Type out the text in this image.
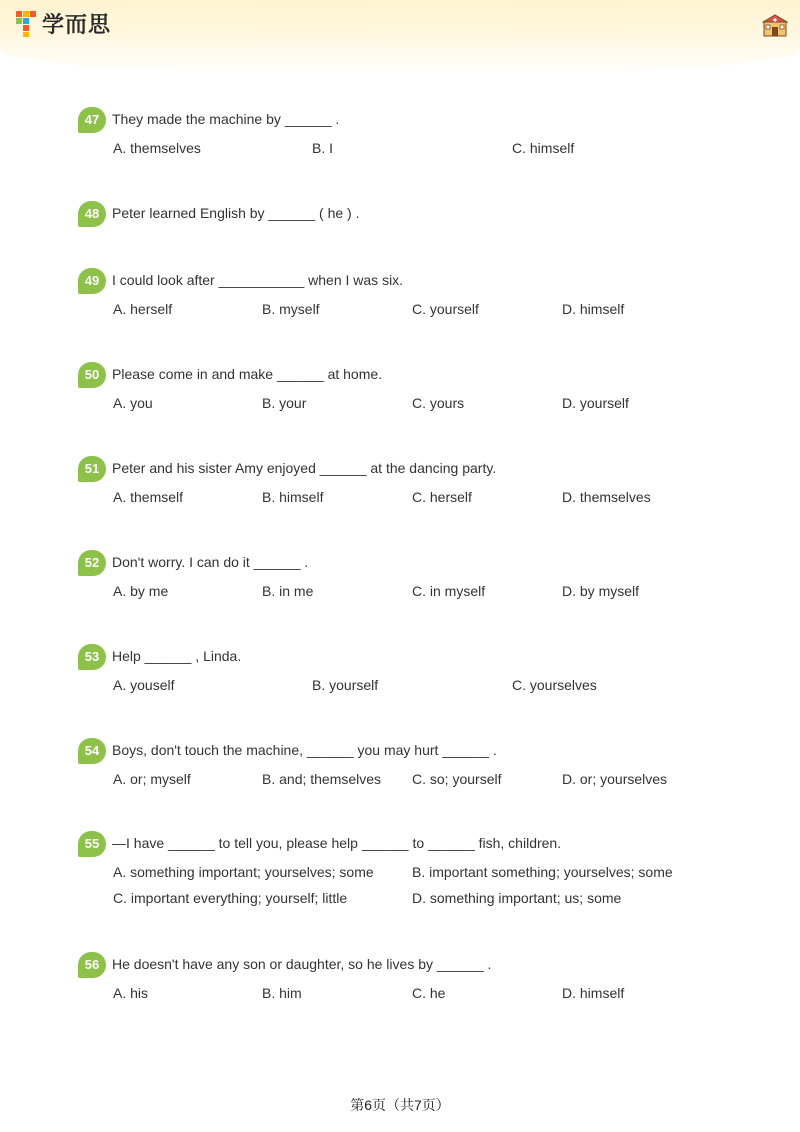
学而思
47 They made the machine by ______ .
A. themselves	B. I	C. himself
48 Peter learned English by ______ ( he ) .
49 I could look after ___________ when I was six.
A. herself	B. myself	C. yourself	D. himself
50 Please come in and make ______ at home.
A. you	B. your	C. yours	D. yourself
51 Peter and his sister Amy enjoyed ______ at the dancing party.
A. themself	B. himself	C. herself	D. themselves
52 Don't worry. I can do it ______ .
A. by me	B. in me	C. in myself	D. by myself
53 Help ______ , Linda.
A. youself	B. yourself	C. yourselves
54 Boys, don't touch the machine, ______ you may hurt ______ .
A. or; myself	B. and; themselves C. so; yourself	D. or; yourselves
55 —I have ______ to tell you, please help ______ to ______ fish, children.
A. something important; yourselves; some	B. important something; yourselves; some
C. important everything; yourself; little	D. something important; us; some
56 He doesn't have any son or daughter, so he lives by ______ .
A. his	B. him	C. he	D. himself
第6页（共7页）
